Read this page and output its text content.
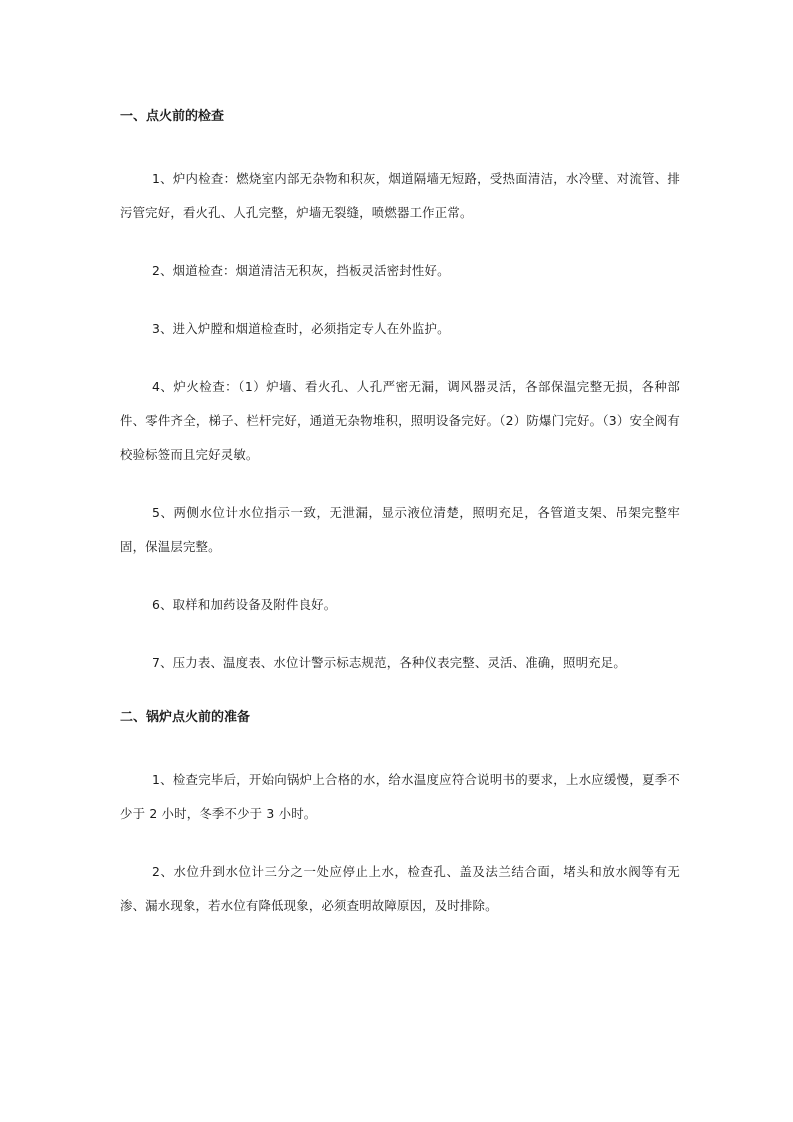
一、点火前的检查

1、炉内检查：燃烧室内部无杂物和积灰，烟道隔墙无短路，受热面清洁，水冷壁、对流管、排污管完好，看火孔、人孔完整，炉墙无裂缝，喷燃器工作正常。

2、烟道检查：烟道清洁无积灰，挡板灵活密封性好。

3、进入炉膛和烟道检查时，必须指定专人在外监护。

4、炉火检查：（1）炉墙、看火孔、人孔严密无漏，调风器灵活，各部保温完整无损，各种部件、零件齐全，梯子、栏杆完好，通道无杂物堆积，照明设备完好。（2）防爆门完好。（3）安全阀有校验标签而且完好灵敏。

5、两侧水位计水位指示一致，无泄漏，显示液位清楚，照明充足，各管道支架、吊架完整牢固，保温层完整。

6、取样和加药设备及附件良好。

7、压力表、温度表、水位计警示标志规范，各种仪表完整、灵活、准确，照明充足。

二、锅炉点火前的准备

1、检查完毕后，开始向锅炉上合格的水，给水温度应符合说明书的要求，上水应缓慢，夏季不少于 2 小时，冬季不少于 3 小时。

2、水位升到水位计三分之一处应停止上水，检查孔、盖及法兰结合面，堵头和放水阀等有无渗、漏水现象，若水位有降低现象，必须查明故障原因，及时排除。
